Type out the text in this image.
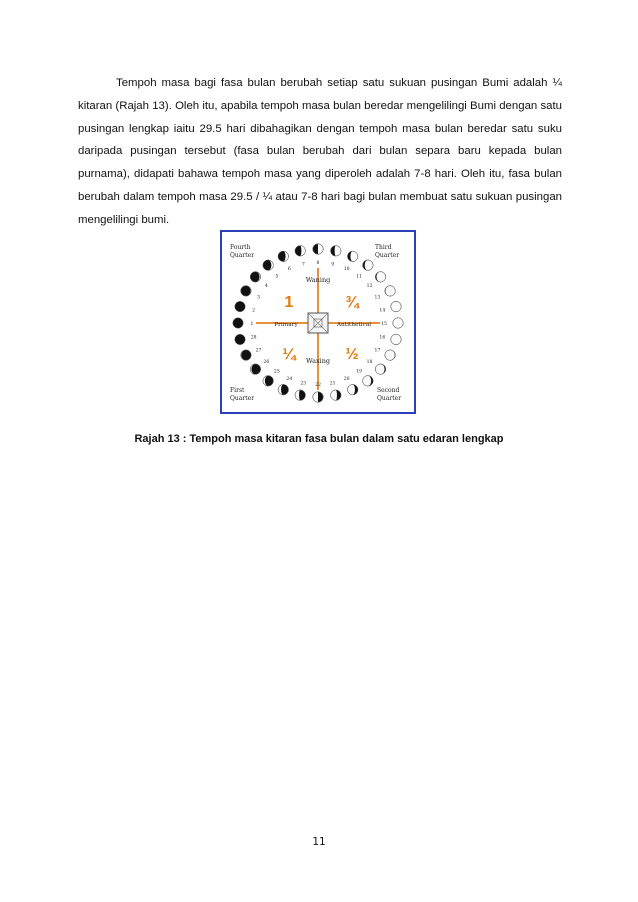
Tempoh masa bagi fasa bulan berubah setiap satu sukuan pusingan Bumi adalah ¼ kitaran (Rajah 13). Oleh itu, apabila tempoh masa bulan beredar mengelilingi Bumi dengan satu pusingan lengkap iaitu 29.5 hari dibahagikan dengan tempoh masa bulan beredar satu suku daripada pusingan tersebut (fasa bulan berubah dari bulan separa baru kepada bulan purnama), didapati bahawa tempoh masa yang diperoleh adalah 7-8 hari. Oleh itu, fasa bulan berubah dalam tempoh masa 29.5 / ¼ atau 7-8 hari bagi bulan membuat satu sukuan pusingan mengelilingi bumi.
Fourth
Quarter
Third
Quarter
First
Quarter
Second
Quarter
Waning
Waxing
Primary	Antithetical
1	¾
¼	½
1
2
3
4
5
6
7	8	9
10
11
12
13
14
15
16
17
18
19
20
21
22
23
24
25
26
27
28
Rajah 13 : Tempoh masa kitaran fasa bulan dalam satu edaran lengkap
11
